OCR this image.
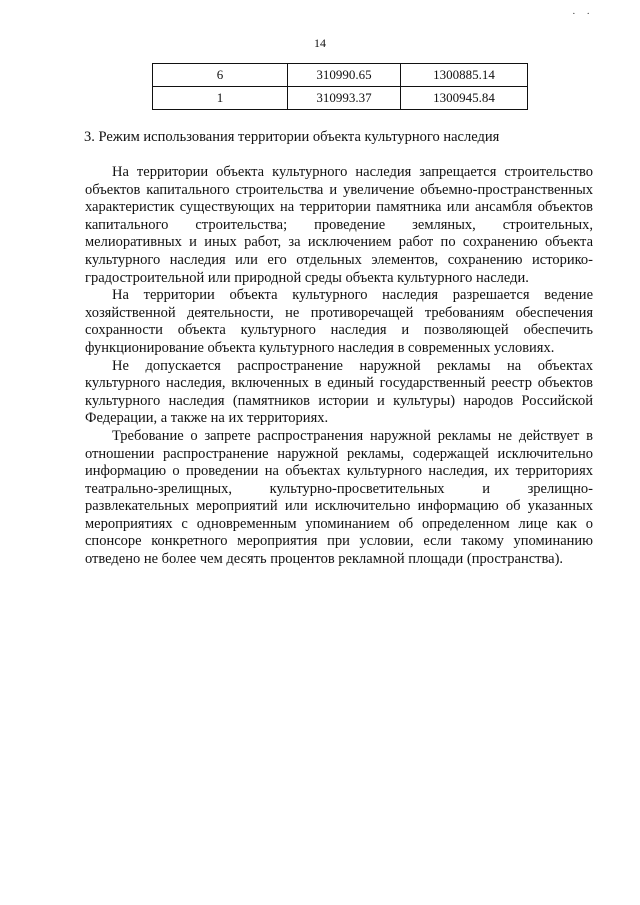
· ·
14
6	310990.65	1300885.14
1	310993.37	1300945.84
3. Режим использования территории объекта культурного наследия

На территории объекта культурного наследия запрещается строительство объектов капитального строительства и увеличение объемно-пространственных характеристик существующих на территории памятника или ансамбля объектов капитального строительства; проведение земляных, строительных, мелиоративных и иных работ, за исключением работ по сохранению объекта культурного наследия или его отдельных элементов, сохранению историко-градостроительной или природной среды объекта культурного наследи.

На территории объекта культурного наследия разрешается ведение хозяйственной деятельности, не противоречащей требованиям обеспечения сохранности объекта культурного наследия и позволяющей обеспечить функционирование объекта культурного наследия в современных условиях.

Не допускается распространение наружной рекламы на объектах культурного наследия, включенных в единый государственный реестр объектов культурного наследия (памятников истории и культуры) народов Российской Федерации, а также на их территориях.

Требование о запрете распространения наружной рекламы не действует в отношении распространение наружной рекламы, содержащей исключительно информацию о проведении на объектах культурного наследия, их территориях театрально-зрелищных, культурно-просветительных и зрелищно-развлекательных мероприятий или исключительно информацию об указанных мероприятиях с одновременным упоминанием об определенном лице как о спонсоре конкретного мероприятия при условии, если такому упоминанию отведено не более чем десять процентов рекламной площади (пространства).
